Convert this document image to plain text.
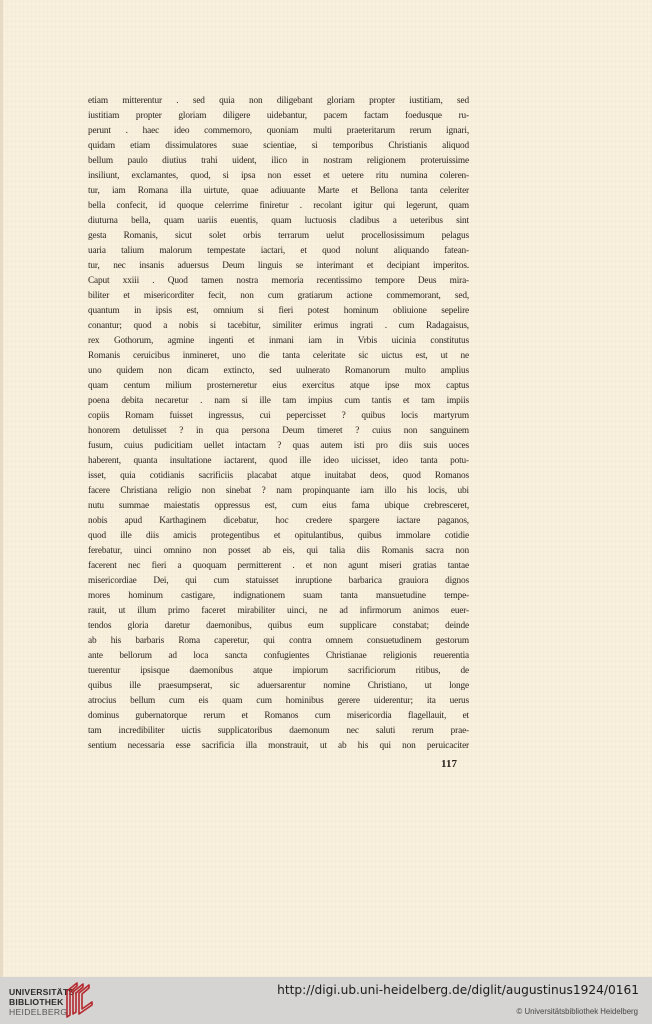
etiam mitterentur . sed quia non diligebant gloriam propter iustitiam, sed
iustitiam propter gloriam diligere uidebantur, pacem factam foedusque ru-
perunt . haec ideo commemoro, quoniam multi praeteritarum rerum ignari,
quidam etiam dissimulatores suae scientiae, si temporibus Christianis aliquod
bellum paulo diutius trahi uident, ilico in nostram religionem proteruissime
insiliunt, exclamantes, quod, si ipsa non esset et uetere ritu numina coleren-
tur, iam Romana illa uirtute, quae adiuuante Marte et Bellona tanta celeriter
bella confecit, id quoque celerrime finiretur . recolant igitur qui legerunt, quam
diuturna bella, quam uariis euentis, quam luctuosis cladibus a ueteribus sint
gesta Romanis, sicut solet orbis terrarum uelut procellosissimum pelagus
uaria talium malorum tempestate iactari, et quod nolunt aliquando fatean-
tur, nec insanis aduersus Deum linguis se interimant et decipiant imperitos.
Caput xxiii . Quod tamen nostra memoria recentissimo tempore Deus mira-
biliter et misericorditer fecit, non cum gratiarum actione commemorant, sed,
quantum in ipsis est, omnium si fieri potest hominum obliuione sepelire
conantur; quod a nobis si tacebitur, similiter erimus ingrati . cum Radagaisus,
rex Gothorum, agmine ingenti et inmani iam in Vrbis uicinia constitutus
Romanis ceruicibus inmineret, uno die tanta celeritate sic uictus est, ut ne
uno quidem non dicam extincto, sed uulnerato Romanorum multo amplius
quam centum milium prosterneretur eius exercitus atque ipse mox captus
poena debita necaretur . nam si ille tam impius cum tantis et tam impiis
copiis Romam fuisset ingressus, cui pepercisset ? quibus locis martyrum
honorem detulisset ? in qua persona Deum timeret ? cuius non sanguinem
fusum, cuius pudicitiam uellet intactam ? quas autem isti pro diis suis uoces
haberent, quanta insultatione iactarent, quod ille ideo uicisset, ideo tanta potu-
isset, quia cotidianis sacrificiis placabat atque inuitabat deos, quod Romanos
facere Christiana religio non sinebat ? nam propinquante iam illo his locis, ubi
nutu summae maiestatis oppressus est, cum eius fama ubique crebresceret,
nobis apud Karthaginem dicebatur, hoc credere spargere iactare paganos,
quod ille diis amicis protegentibus et opitulantibus, quibus immolare cotidie
ferebatur, uinci omnino non posset ab eis, qui talia diis Romanis sacra non
facerent nec fieri a quoquam permitterent . et non agunt miseri gratias tantae
misericordiae Dei, qui cum statuisset inruptione barbarica grauiora dignos
mores hominum castigare, indignationem suam tanta mansuetudine tempe-
rauit, ut illum primo faceret mirabiliter uinci, ne ad infirmorum animos euer-
tendos gloria daretur daemonibus, quibus eum supplicare constabat; deinde
ab his barbaris Roma caperetur, qui contra omnem consuetudinem gestorum
ante bellorum ad loca sancta confugientes Christianae religionis reuerentia
tuerentur ipsisque daemonibus atque impiorum sacrificiorum ritibus, de
quibus ille praesumpserat, sic aduersarentur nomine Christiano, ut longe
atrocius bellum cum eis quam cum hominibus gerere uiderentur; ita uerus
dominus gubernatorque rerum et Romanos cum misericordia flagellauit, et
tam incredibiliter uictis supplicatoribus daemonum nec saluti rerum prae-
sentium necessaria esse sacrificia illa monstrauit, ut ab his qui non peruicaciter
117
UNIVERSITÄTS-
BIBLIOTHEK
HEIDELBERG
http://digi.ub.uni-heidelberg.de/diglit/augustinus1924/0161
© Universitätsbibliothek Heidelberg
